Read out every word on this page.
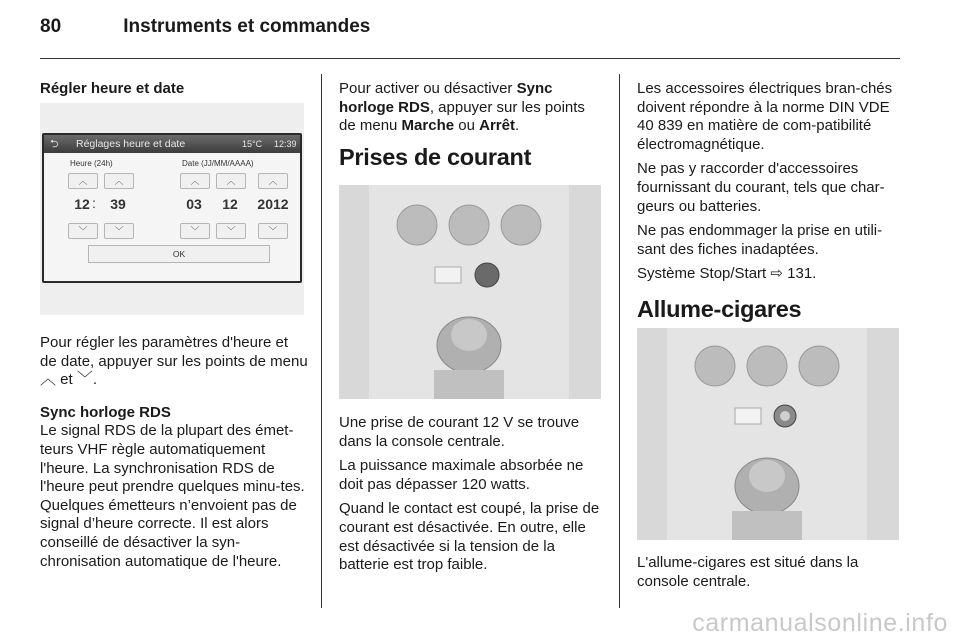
80	Instruments et commandes
Régler heure et date
⮌ Réglages heure et date	15°C 12:39
Heure (24h)	Date (JJ/MM/AAAA)
︿	︿	︿	︿	︿
12 :	39	03	12	2012
﹀	﹀	﹀	﹀	﹀
OK

Pour régler les paramètres d'heure et de date, appuyer sur les points de menu ︿ et ﹀.

Sync horloge RDS

Le signal RDS de la plupart des émet-teurs VHF règle automatiquement l'heure. La synchronisation RDS de l'heure peut prendre quelques minu-tes. Quelques émetteurs n’envoient pas de signal d’heure correcte. Il est alors conseillé de désactiver la syn-chronisation automatique de l'heure.

Pour activer ou désactiver Sync horloge RDS, appuyer sur les points de menu Marche ou Arrêt.

Prises de courant

Une prise de courant 12 V se trouve dans la console centrale.

La puissance maximale absorbée ne doit pas dépasser 120 watts.

Quand le contact est coupé, la prise de courant est désactivée. En outre, elle est désactivée si la tension de la batterie est trop faible.

Les accessoires électriques bran-chés doivent répondre à la norme DIN VDE 40 839 en matière de com-patibilité électromagnétique.

Ne pas y raccorder d'accessoires fournissant du courant, tels que char-geurs ou batteries.

Ne pas endommager la prise en utili-sant des fiches inadaptées.

Système Stop/Start ⇨ 131.

Allume-cigares

L'allume-cigares est situé dans la console centrale.

carmanualsonline.info
